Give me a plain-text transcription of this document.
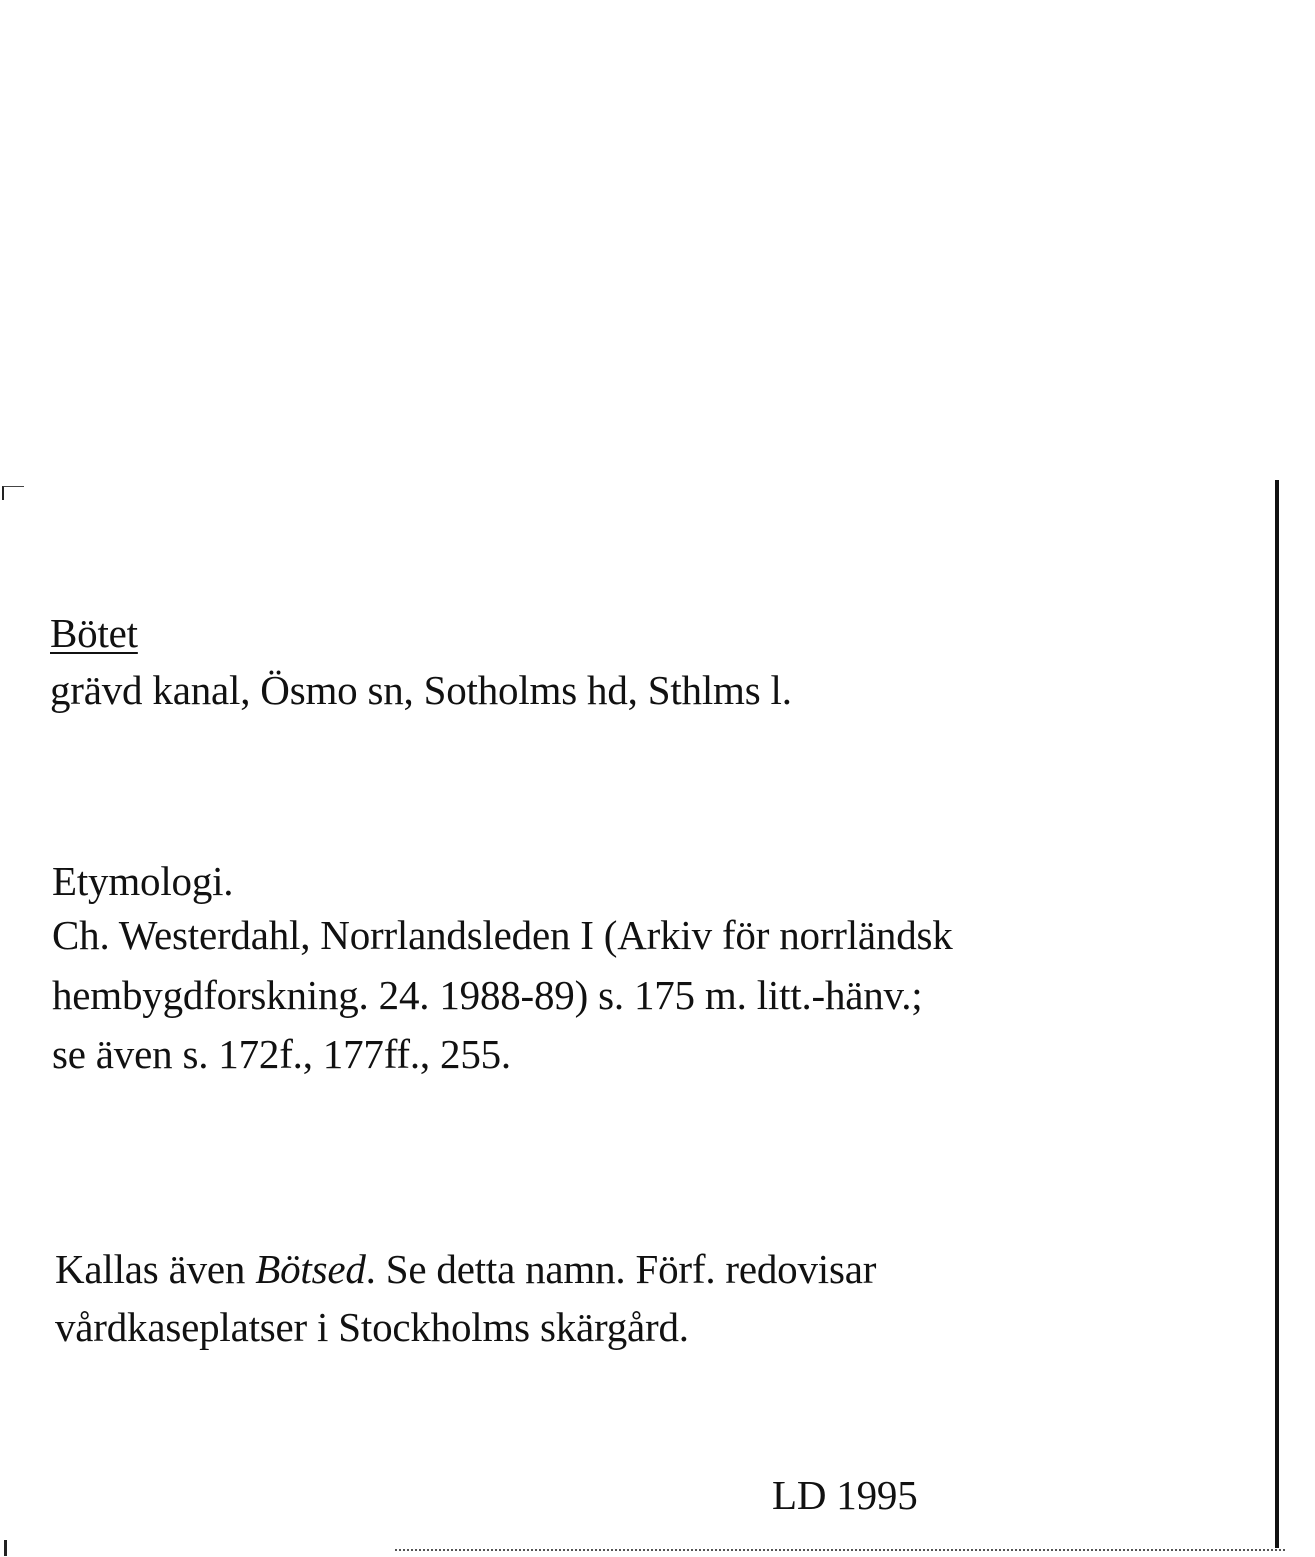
Bötet
grävd kanal, Ösmo sn, Sotholms hd, Sthlms l.
Etymologi.
Ch. Westerdahl, Norrlandsleden I (Arkiv för norrländsk
hembygdforskning. 24. 1988-89) s. 175 m. litt.-hänv.;
se även s. 172f., 177ff., 255.
Kallas även Bötsed. Se detta namn. Förf. redovisar
vårdkaseplatser i Stockholms skärgård.
LD 1995
